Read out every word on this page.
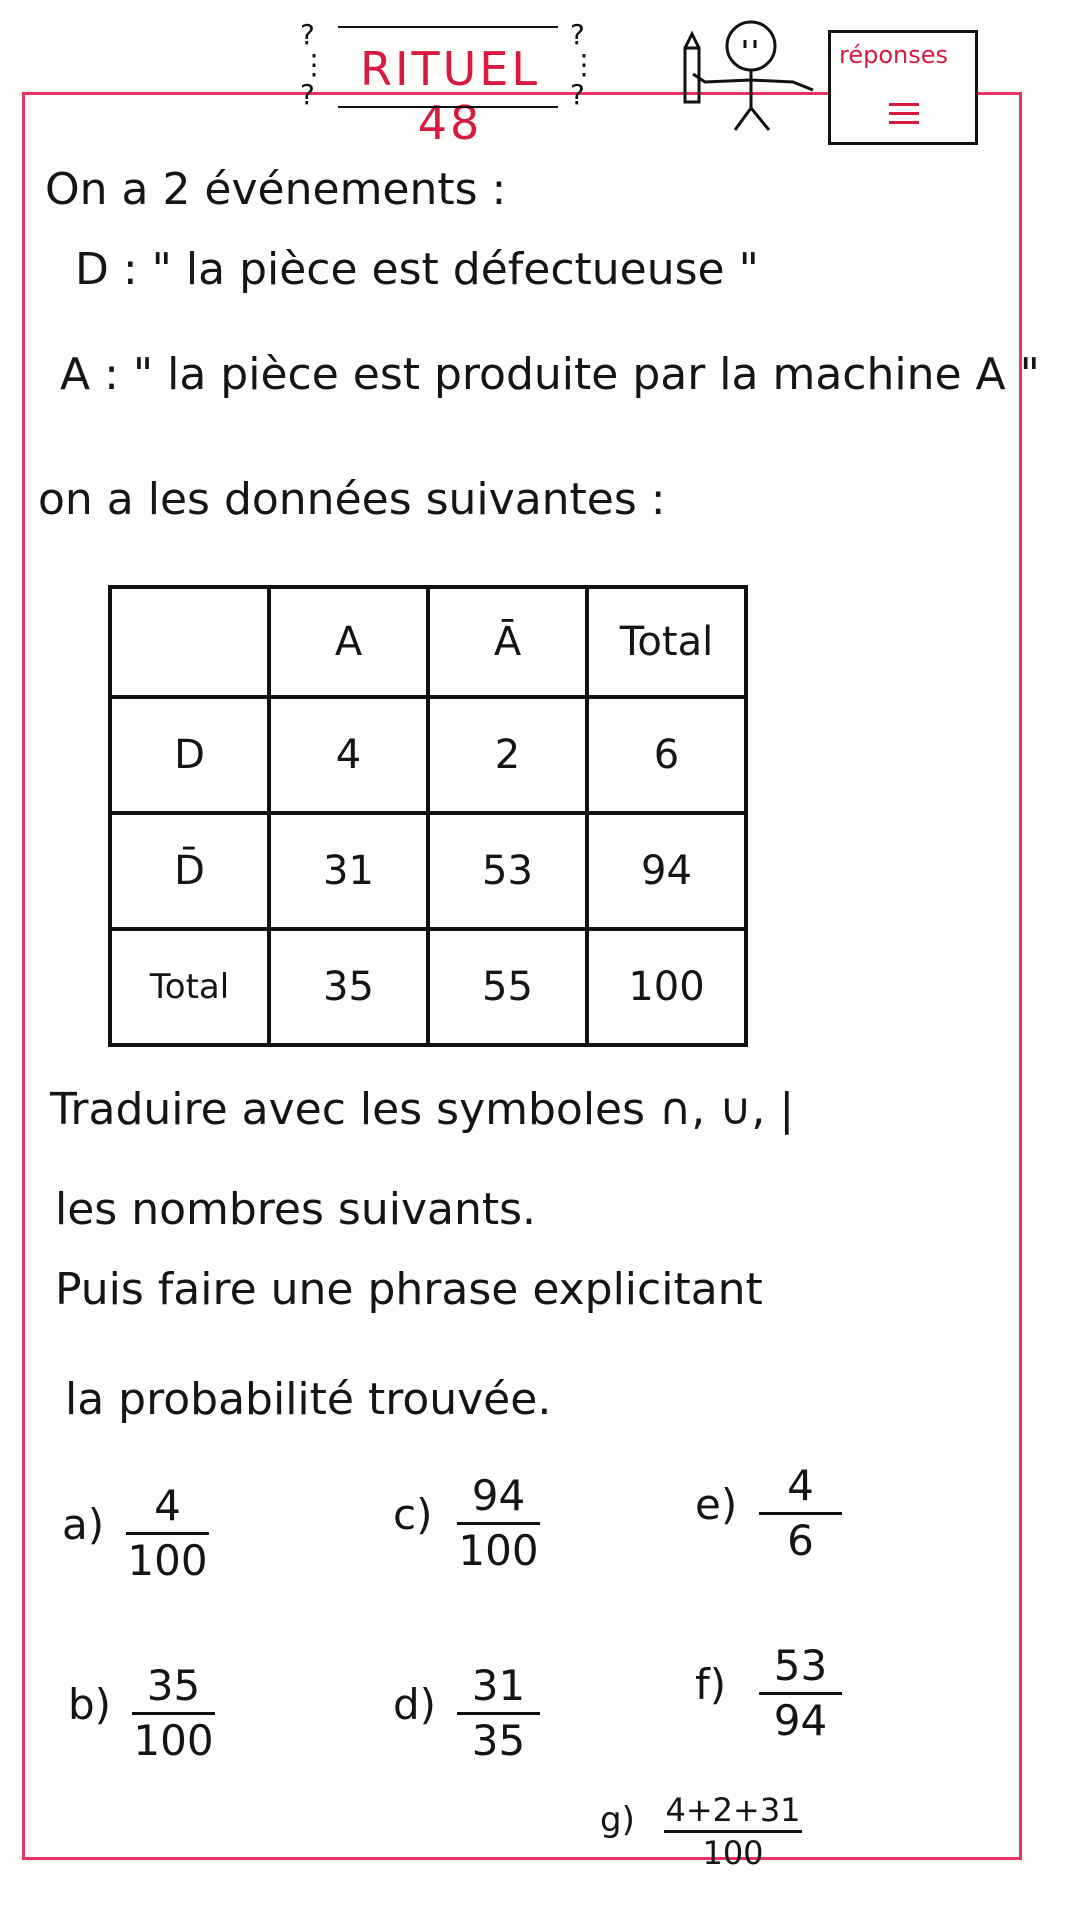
?
⋮
? RITUEL 48
?
⋮
?
réponses
On a 2 événements :
D : " la pièce est défectueuse "
A : " la pièce est produite par la machine A "
on a les données suivantes :
	A	Ā	Total
D	4	2	6
D̄	31	53	94
Total	35	55	100
Traduire avec les symboles ∩, ∪, |
les nombres suivants.
Puis faire une phrase explicitant
la probabilité trouvée.
a)	4
100
c) 94
100
e)	4
6
b) 35
100
d) 31
35
f)	53
94
g) 4+2+31
100
